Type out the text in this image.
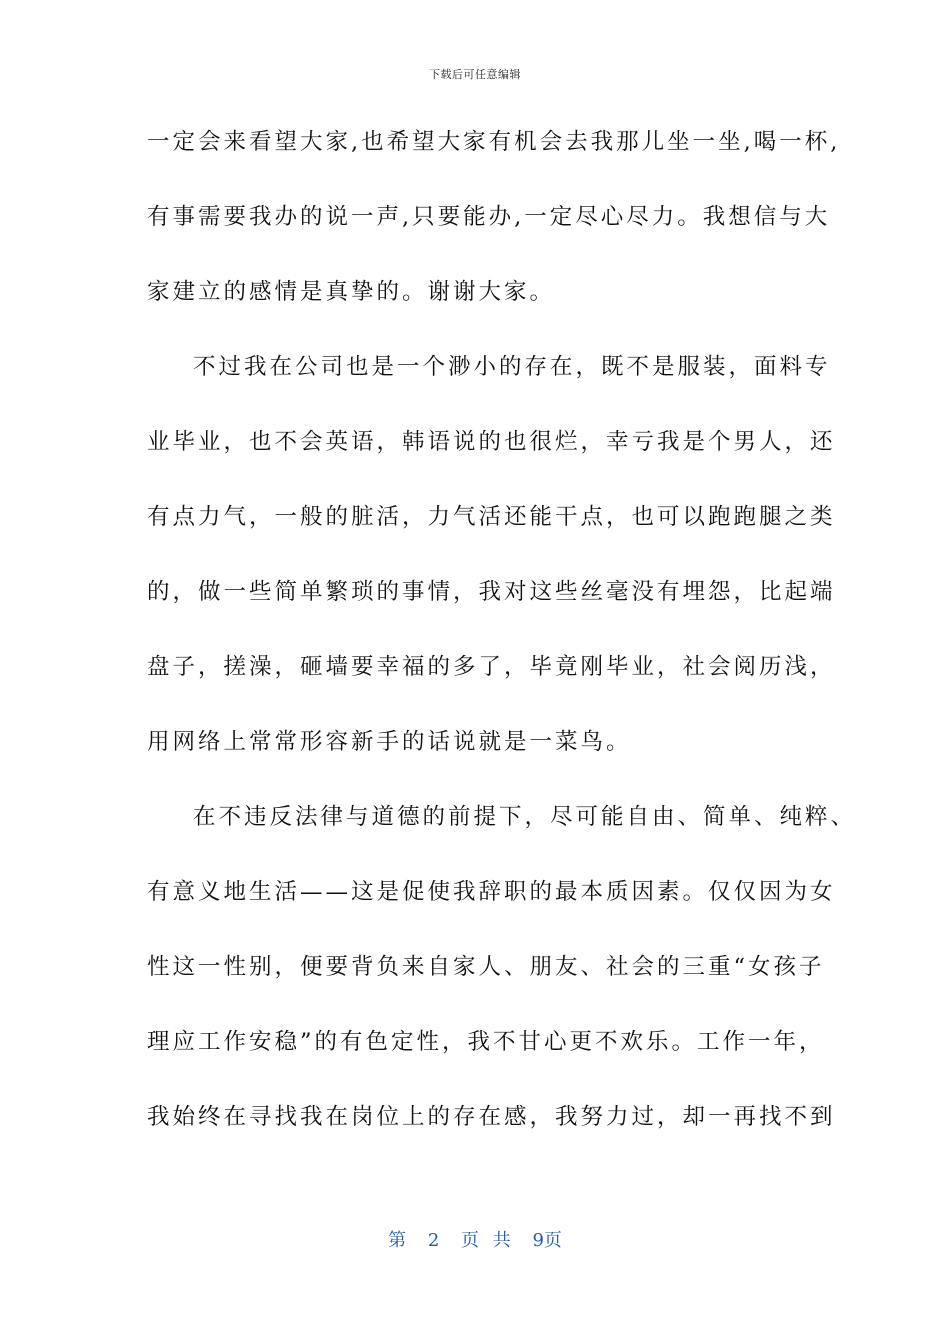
下载后可任意编辑
一定会来看望大家,也希望大家有机会去我那儿坐一坐,喝一杯,
有事需要我办的说一声,只要能办,一定尽心尽力。我想信与大
家建立的感情是真挚的。谢谢大家。
不过我在公司也是一个渺小的存在，既不是服装，面料专
业毕业，也不会英语，韩语说的也很烂，幸亏我是个男人，还
有点力气，一般的脏活，力气活还能干点，也可以跑跑腿之类
的，做一些简单繁琐的事情，我对这些丝毫没有埋怨，比起端
盘子，搓澡，砸墙要幸福的多了，毕竟刚毕业，社会阅历浅，
用网络上常常形容新手的话说就是一菜鸟。
在不违反法律与道德的前提下，尽可能自由、简单、纯粹、
有意义地生活——这是促使我辞职的最本质因素。仅仅因为女
性这一性别，便要背负来自家人、朋友、社会的三重“女孩子
理应工作安稳”的有色定性，我不甘心更不欢乐。工作一年，
我始终在寻找我在岗位上的存在感，我努力过，却一再找不到
第 2 页 共 9页
